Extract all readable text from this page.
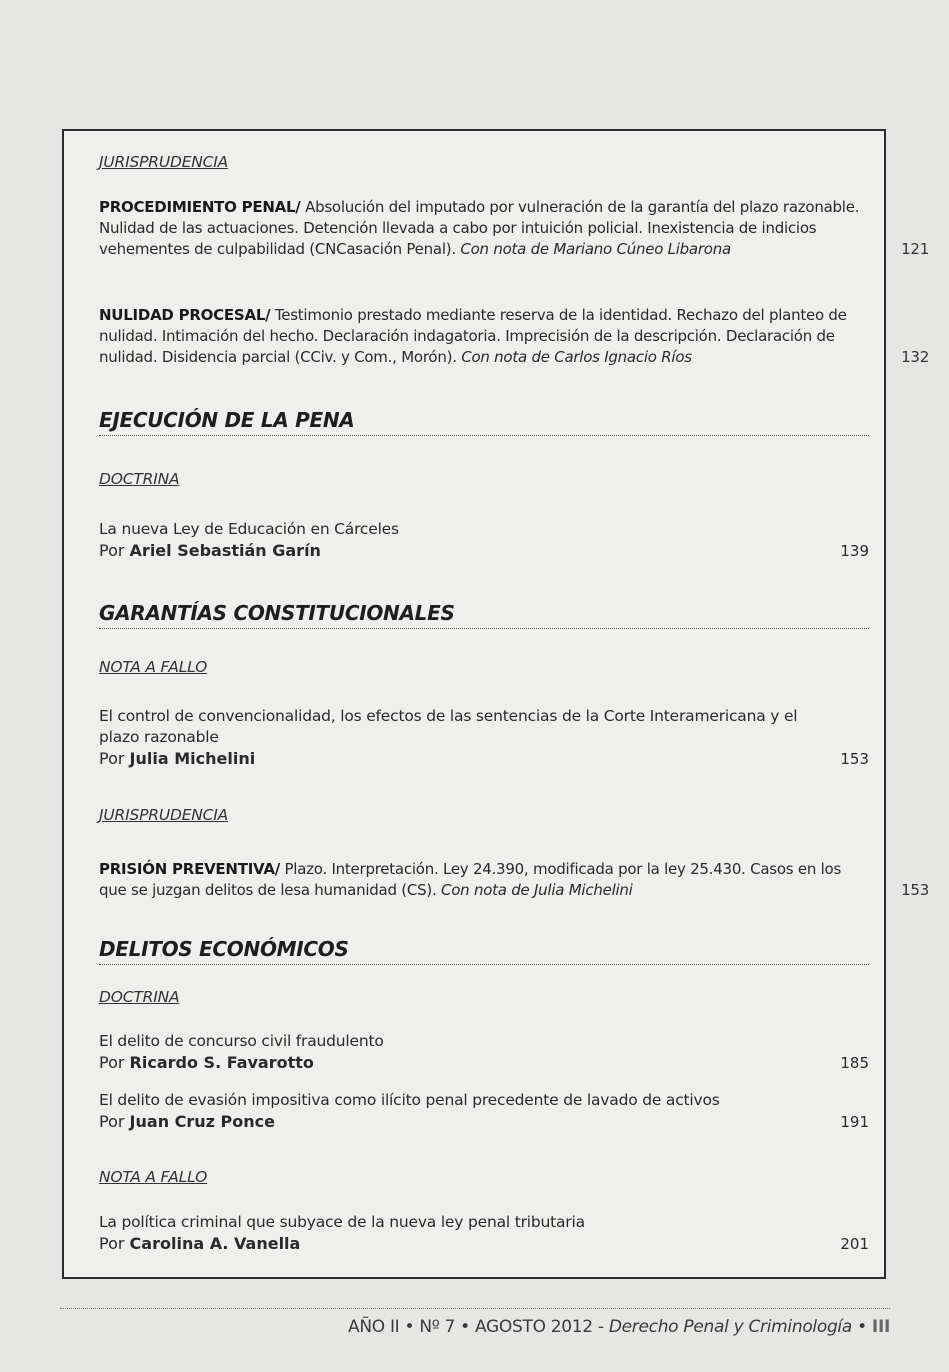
JURISPRUDENCIA

PROCEDIMIENTO PENAL/ Absolución del imputado por vulneración de la garantía del plazo razonable. Nulidad de las actuaciones. Detención llevada a cabo por intuición policial. Inexistencia de indicios vehementes de culpabilidad (CNCasación Penal). Con nota de Mariano Cúneo Libarona	121
NULIDAD PROCESAL/ Testimonio prestado mediante reserva de la identidad. Rechazo del planteo de nulidad. Intimación del hecho. Declaración indagatoria. Imprecisión de la descripción. Declaración de nulidad. Disidencia parcial (CCiv. y Com., Morón). Con nota de Carlos Ignacio Ríos	132
EJECUCIÓN DE LA PENA

DOCTRINA

La nueva Ley de Educación en Cárceles
Por Ariel Sebastián Garín	139
GARANTÍAS CONSTITUCIONALES

NOTA A FALLO

El control de convencionalidad, los efectos de las sentencias de la Corte Interamericana y el plazo razonable
Por Julia Michelini	153

JURISPRUDENCIA

PRISIÓN PREVENTIVA/ Plazo. Interpretación. Ley 24.390, modificada por la ley 25.430. Casos en los que se juzgan delitos de lesa humanidad (CS). Con nota de Julia Michelini	153
DELITOS ECONÓMICOS

DOCTRINA

El delito de concurso civil fraudulento
Por Ricardo S. Favarotto	185
El delito de evasión impositiva como ilícito penal precedente de lavado de activos
Por Juan Cruz Ponce	191

NOTA A FALLO

La política criminal que subyace de la nueva ley penal tributaria
Por Carolina A. Vanella	201
AÑO II • Nº 7 • AGOSTO 2012 - Derecho Penal y Criminología • III
